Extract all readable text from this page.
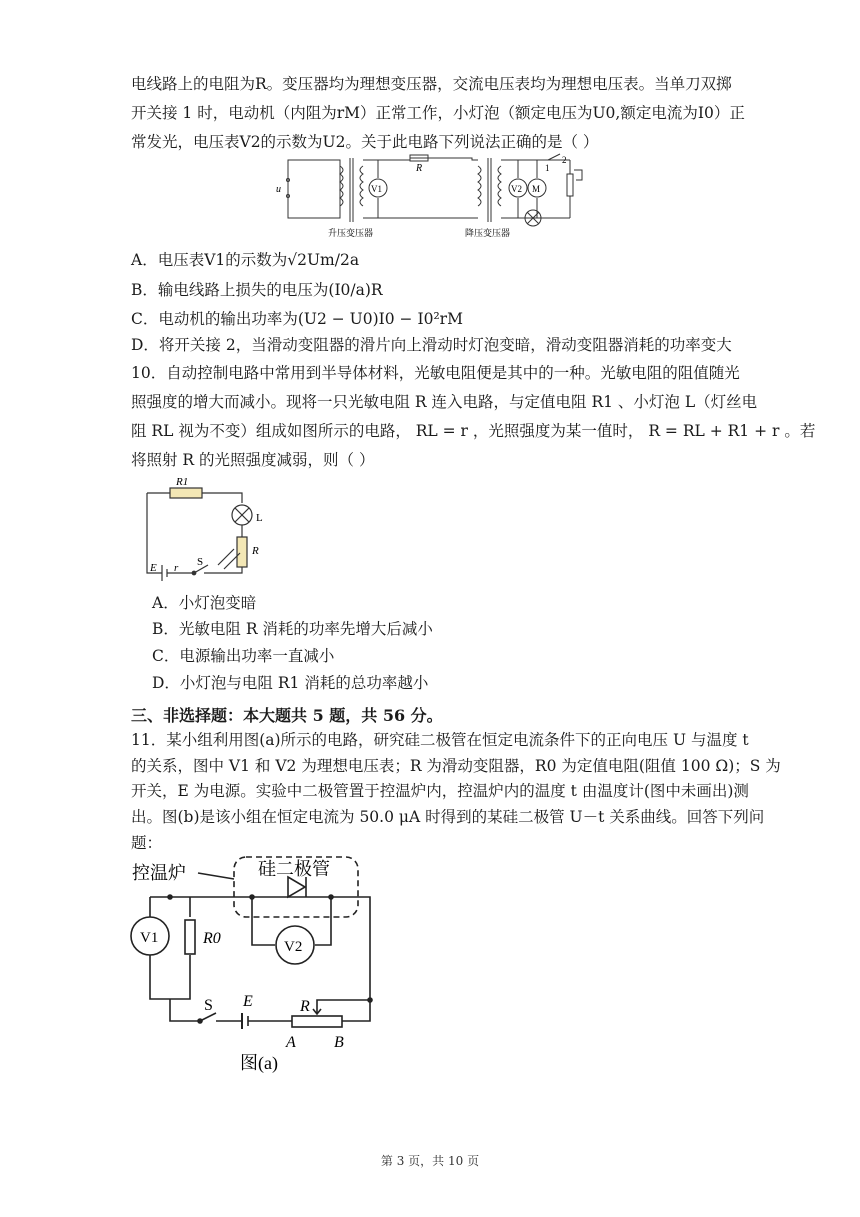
电线路上的电阻为R。变压器均为理想变压器，交流电压表均为理想电压表。当单刀双掷
开关接 1 时，电动机（内阻为rM）正常工作，小灯泡（额定电压为U0,额定电流为I0）正
常发光，电压表V2的示数为U2。关于此电路下列说法正确的是（ ）
u	V1
R
V2 M
1
2
升压变压器	降压变压器
A．电压表V1的示数为√2Um/2a
B．输电线路上损失的电压为(I0/a)R
C．电动机的输出功率为(U2 − U0)I0 − I0²rM
D．将开关接 2，当滑动变阻器的滑片向上滑动时灯泡变暗，滑动变阻器消耗的功率变大
10．自动控制电路中常用到半导体材料，光敏电阻便是其中的一种。光敏电阻的阻值随光
照强度的增大而减小。现将一只光敏电阻 R 连入电路，与定值电阻 R1 、小灯泡 L（灯丝电
阻 RL 视为不变）组成如图所示的电路， RL = r ，光照强度为某一值时， R = RL + R1 + r 。若
将照射 R 的光照强度减弱，则（ ）
R1
L
R
E r S
A．小灯泡变暗
B．光敏电阻 R 消耗的功率先增大后减小
C．电源输出功率一直减小
D．小灯泡与电阻 R1 消耗的总功率越小
三、非选择题：本大题共 5 题，共 56 分。
11．某小组利用图(a)所示的电路，研究硅二极管在恒定电流条件下的正向电压 U 与温度 t
的关系，图中 V1 和 V2 为理想电压表；R 为滑动变阻器，R0 为定值电阻(阻值 100 Ω)；S 为
开关，E 为电源。实验中二极管置于控温炉内，控温炉内的温度 t 由温度计(图中未画出)测
出。图(b)是该小组在恒定电流为 50.0 μA 时得到的某硅二极管 U－t 关系曲线。回答下列问
题：
控温炉	硅二极管
V1
V2
R0
S E	R
A B
图(a)
第 3 页，共 10 页
